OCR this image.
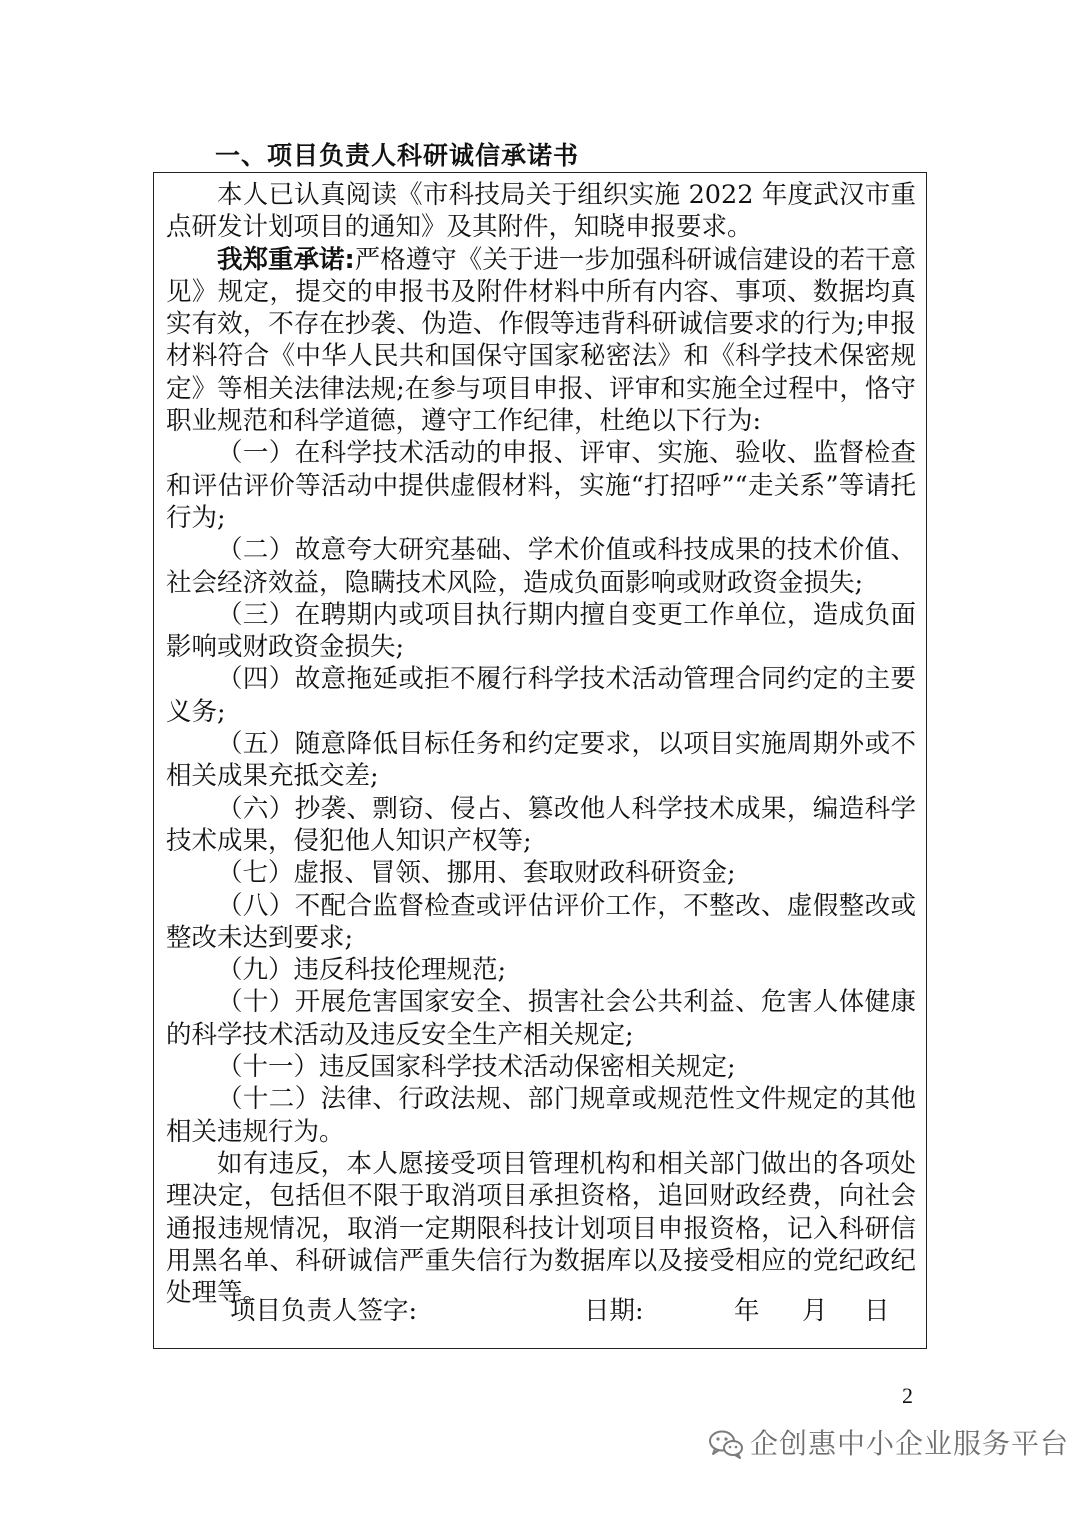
一、项目负责人科研诚信承诺书

本人已认真阅读《市科技局关于组织实施 2022 年度武汉市重点研发计划项目的通知》及其附件，知晓申报要求。

我郑重承诺:严格遵守《关于进一步加强科研诚信建设的若干意见》规定，提交的申报书及附件材料中所有内容、事项、数据均真实有效，不存在抄袭、伪造、作假等违背科研诚信要求的行为;申报材料符合《中华人民共和国保守国家秘密法》和《科学技术保密规定》等相关法律法规;在参与项目申报、评审和实施全过程中，恪守职业规范和科学道德，遵守工作纪律，杜绝以下行为:

（一）在科学技术活动的申报、评审、实施、验收、监督检查和评估评价等活动中提供虚假材料，实施“打招呼”“走关系”等请托行为;

（二）故意夸大研究基础、学术价值或科技成果的技术价值、社会经济效益，隐瞒技术风险，造成负面影响或财政资金损失;

（三）在聘期内或项目执行期内擅自变更工作单位，造成负面影响或财政资金损失;

（四）故意拖延或拒不履行科学技术活动管理合同约定的主要义务;

（五）随意降低目标任务和约定要求，以项目实施周期外或不相关成果充抵交差;

（六）抄袭、剽窃、侵占、篡改他人科学技术成果，编造科学技术成果，侵犯他人知识产权等;

（七）虚报、冒领、挪用、套取财政科研资金;

（八）不配合监督检查或评估评价工作，不整改、虚假整改或整改未达到要求;

（九）违反科技伦理规范;

（十）开展危害国家安全、损害社会公共利益、危害人体健康的科学技术活动及违反安全生产相关规定;

（十一）违反国家科学技术活动保密相关规定;

（十二）法律、行政法规、部门规章或规范性文件规定的其他相关违规行为。

如有违反，本人愿接受项目管理机构和相关部门做出的各项处理决定，包括但不限于取消项目承担资格，追回财政经费，向社会通报违规情况，取消一定期限科技计划项目申报资格，记入科研信用黑名单、科研诚信严重失信行为数据库以及接受相应的党纪政纪处理等。

项目负责人签字:	日期:	年 月 日
2
企创惠中小企业服务平台
